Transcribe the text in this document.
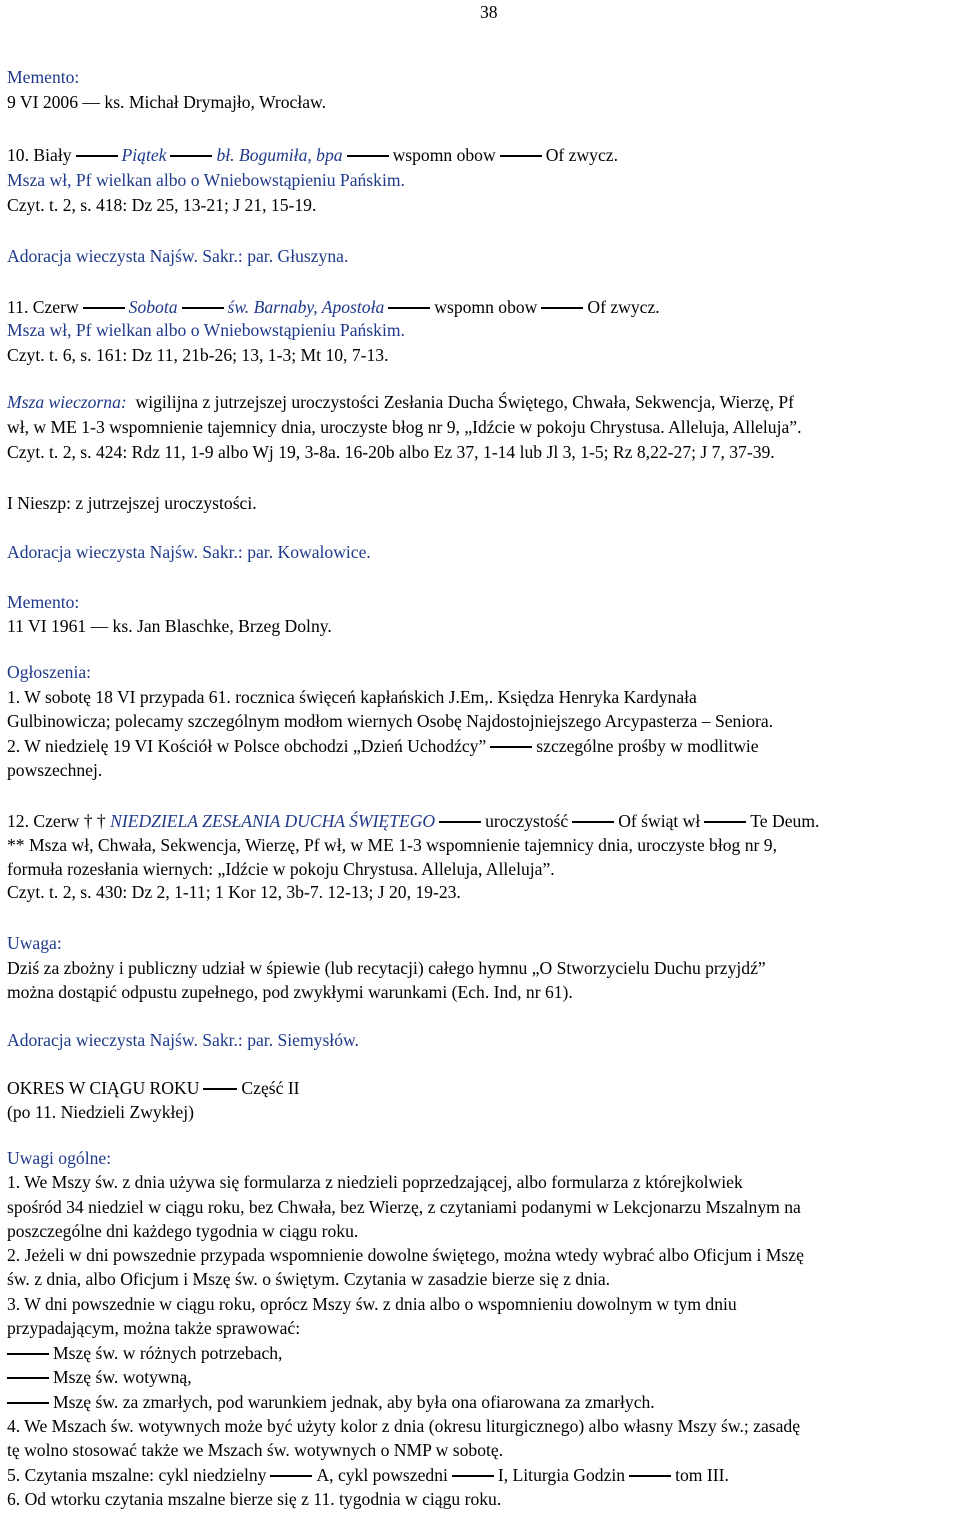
38
Memento:
9 VI 2006 — ks. Michał Drymajło, Wrocław.
10. Biały	Piątek	bł. Bogumiła, bpa	wspomn obow	Of zwycz.
Msza wł, Pf wielkan albo o Wniebowstąpieniu Pańskim.
Czyt. t. 2, s. 418: Dz 25, 13-21; J 21, 15-19.
Adoracja wieczysta Najśw. Sakr.: par. Głuszyna.
11. Czerw	Sobota	św. Barnaby, Apostoła	wspomn obow	Of zwycz.
Msza wł, Pf wielkan albo o Wniebowstąpieniu Pańskim.
Czyt. t. 6, s. 161: Dz 11, 21b-26; 13, 1-3; Mt 10, 7-13.
Msza wieczorna: wigilijna z jutrzejszej uroczystości Zesłania Ducha Świętego, Chwała, Sekwencja, Wierzę, Pf
wł, w ME 1-3 wspomnienie tajemnicy dnia, uroczyste błog nr 9, „Idźcie w pokoju Chrystusa. Alleluja, Alleluja”.
Czyt. t. 2, s. 424: Rdz 11, 1-9 albo Wj 19, 3-8a. 16-20b albo Ez 37, 1-14 lub Jl 3, 1-5; Rz 8,22-27; J 7, 37-39.
I Nieszp: z jutrzejszej uroczystości.
Adoracja wieczysta Najśw. Sakr.: par. Kowalowice.
Memento:
11 VI 1961 — ks. Jan Blaschke, Brzeg Dolny.
Ogłoszenia:
1. W sobotę 18 VI przypada 61. rocznica święceń kapłańskich J.Em,. Księdza Henryka Kardynała
Gulbinowicza; polecamy szczególnym modłom wiernych Osobę Najdostojniejszego Arcypasterza – Seniora.
2. W niedzielę 19 VI Kościół w Polsce obchodzi „Dzień Uchodźcy”	szczególne prośby w modlitwie
powszechnej.
12. Czerw † † NIEDZIELA ZESŁANIA DUCHA ŚWIĘTEGO	uroczystość	Of świąt wł	Te Deum.
** Msza wł, Chwała, Sekwencja, Wierzę, Pf wł, w ME 1-3 wspomnienie tajemnicy dnia, uroczyste błog nr 9,
formuła rozesłania wiernych: „Idźcie w pokoju Chrystusa. Alleluja, Alleluja”.
Czyt. t. 2, s. 430: Dz 2, 1-11; 1 Kor 12, 3b-7. 12-13; J 20, 19-23.
Uwaga:
Dziś za zbożny i publiczny udział w śpiewie (lub recytacji) całego hymnu „O Stworzycielu Duchu przyjdź”
można dostąpić odpustu zupełnego, pod zwykłymi warunkami (Ech. Ind, nr 61).
Adoracja wieczysta Najśw. Sakr.: par. Siemysłów.
OKRES W CIĄGU ROKU Część II
(po 11. Niedzieli Zwykłej)
Uwagi ogólne:
1. We Mszy św. z dnia używa się formularza z niedzieli poprzedzającej, albo formularza z którejkolwiek
spośród 34 niedziel w ciągu roku, bez Chwała, bez Wierzę, z czytaniami podanymi w Lekcjonarzu Mszalnym na
poszczególne dni każdego tygodnia w ciągu roku.
2. Jeżeli w dni powszednie przypada wspomnienie dowolne świętego, można wtedy wybrać albo Oficjum i Mszę
św. z dnia, albo Oficjum i Mszę św. o świętym. Czytania w zasadzie bierze się z dnia.
3. W dni powszednie w ciągu roku, oprócz Mszy św. z dnia albo o wspomnieniu dowolnym w tym dniu
przypadającym, można także sprawować:
Mszę św. w różnych potrzebach,
Mszę św. wotywną,
Mszę św. za zmarłych, pod warunkiem jednak, aby była ona ofiarowana za zmarłych.
4. We Mszach św. wotywnych może być użyty kolor z dnia (okresu liturgicznego) albo własny Mszy św.; zasadę
tę wolno stosować także we Mszach św. wotywnych o NMP w sobotę.
5. Czytania mszalne: cykl niedzielny	A, cykl powszedni	I, Liturgia Godzin	tom III.
6. Od wtorku czytania mszalne bierze się z 11. tygodnia w ciągu roku.
